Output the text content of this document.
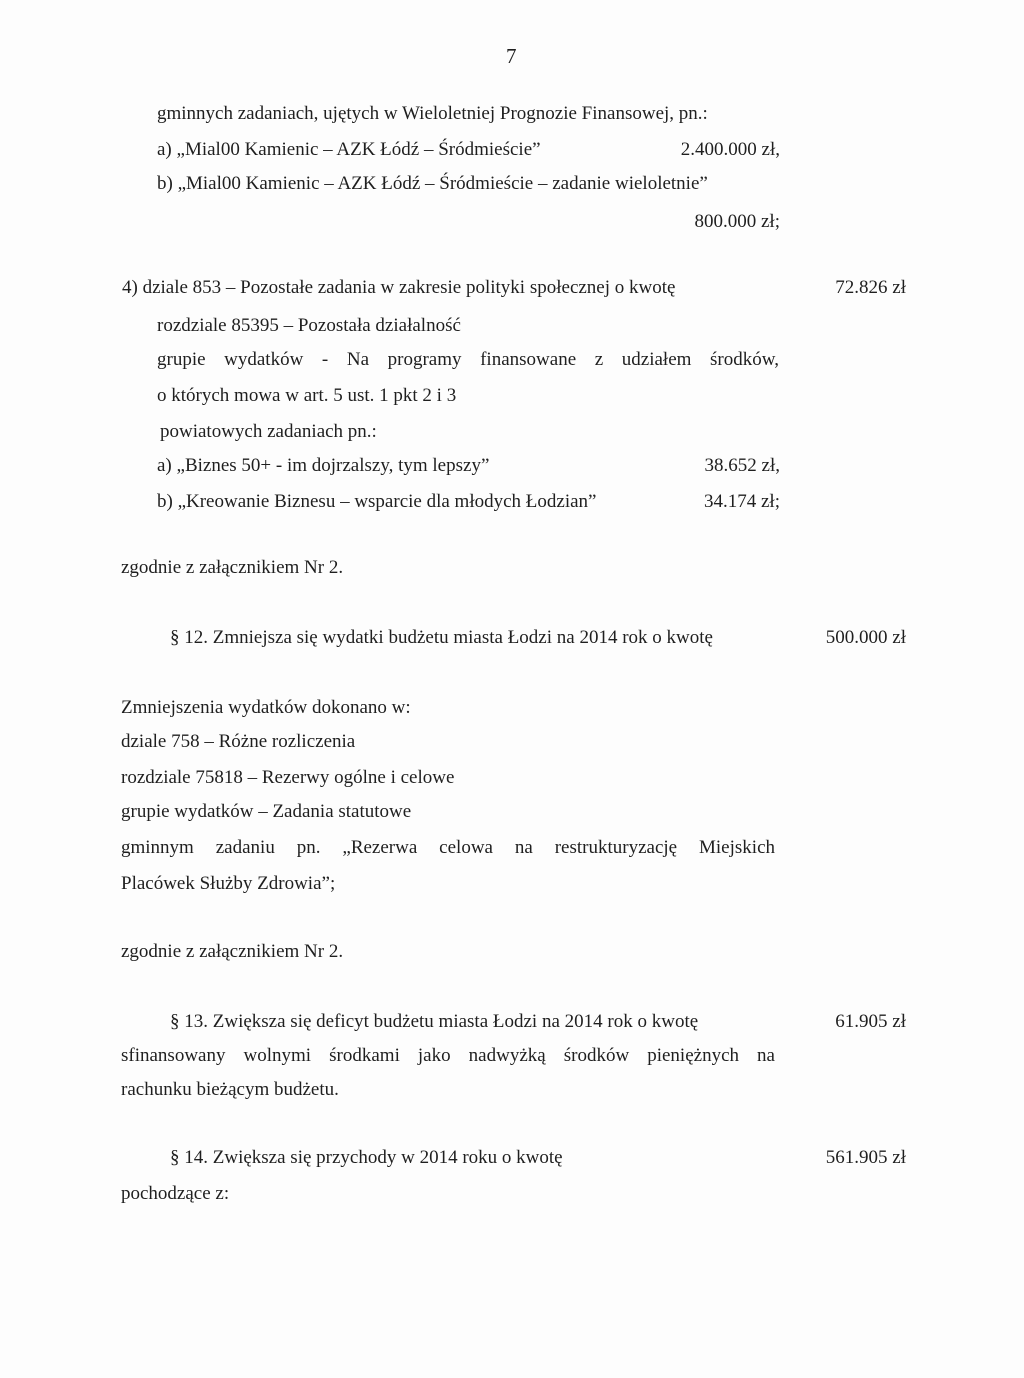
7
gminnych zadaniach, ujętych w Wieloletniej Prognozie Finansowej, pn.:
a) „Mial00 Kamienic – AZK Łódź – Śródmieście”	2.400.000 zł,
b) „Mial00 Kamienic – AZK Łódź – Śródmieście – zadanie wieloletnie”
800.000 zł;
4) dziale 853 – Pozostałe zadania w zakresie polityki społecznej o kwotę	72.826 zł
rozdziale 85395 – Pozostała działalność
grupie wydatków - Na programy finansowane z udziałem środków,
o których mowa w art. 5 ust. 1 pkt 2 i 3
powiatowych zadaniach pn.:
a) „Biznes 50+ - im dojrzalszy, tym lepszy”	38.652 zł,
b) „Kreowanie Biznesu – wsparcie dla młodych Łodzian”	34.174 zł;
zgodnie z załącznikiem Nr 2.
§ 12. Zmniejsza się wydatki budżetu miasta Łodzi na 2014 rok o kwotę	500.000 zł
Zmniejszenia wydatków dokonano w:
dziale 758 – Różne rozliczenia
rozdziale 75818 – Rezerwy ogólne i celowe
grupie wydatków – Zadania statutowe
gminnym zadaniu pn. „Rezerwa celowa na restrukturyzację Miejskich
Placówek Służby Zdrowia”;
zgodnie z załącznikiem Nr 2.
§ 13. Zwiększa się deficyt budżetu miasta Łodzi na 2014 rok o kwotę	61.905 zł
sfinansowany wolnymi środkami jako nadwyżką środków pieniężnych na
rachunku bieżącym budżetu.
§ 14. Zwiększa się przychody w 2014 roku o kwotę	561.905 zł
pochodzące z:
